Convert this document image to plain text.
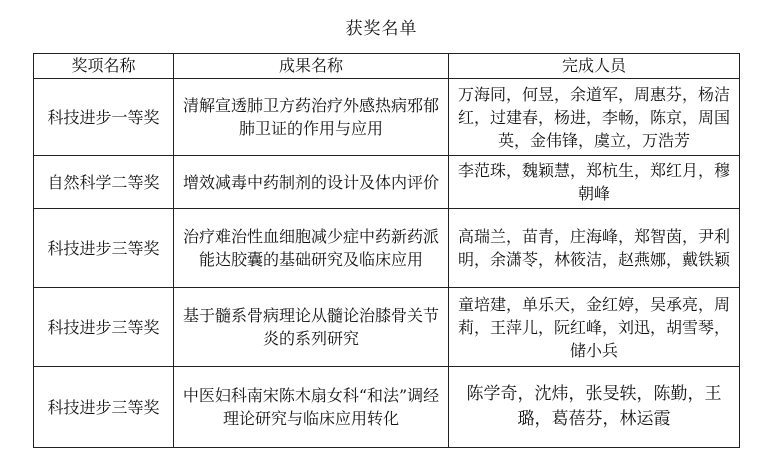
获奖名单
奖项名称	成果名称	完成人员
科技进步一等奖	清解宣透肺卫方药治疗外感热病邪郁肺卫证的作用与应用	万海同，何昱，余道军，周惠芬，杨洁红，过建春，杨进，李畅，陈京，周国英，金伟锋，虞立，万浩芳
自然科学二等奖	增效减毒中药制剂的设计及体内评价	李范珠，魏颖慧，郑杭生，郑红月，穆朝峰
科技进步三等奖	治疗难治性血细胞减少症中药新药派能达胶囊的基础研究及临床应用	高瑞兰，苗青，庄海峰，郑智茵，尹利明，余潇苓，林筱洁，赵燕娜，戴铁颖
科技进步三等奖	基于髓系骨病理论从髓论治膝骨关节炎的系列研究	童培建，单乐天，金红婷，吴承亮，周莉，王萍儿，阮红峰，刘迅，胡雪琴，储小兵
科技进步三等奖	中医妇科南宋陈木扇女科“和法”调经理论研究与临床应用转化	陈学奇，沈炜，张旻轶，陈勤，王璐，葛蓓芬，林运霞
